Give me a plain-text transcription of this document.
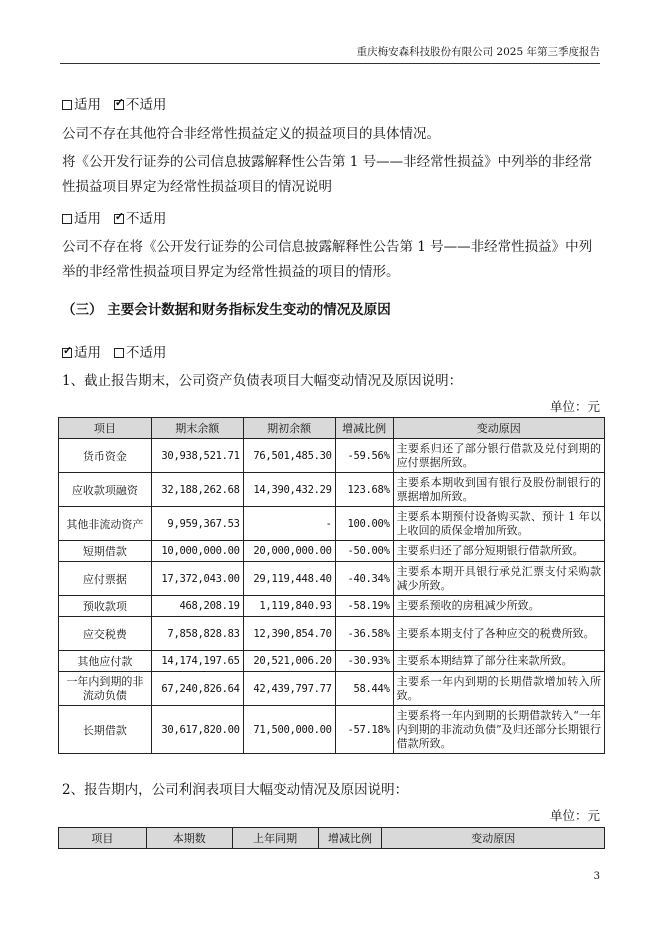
重庆梅安森科技股份有限公司 2025 年第三季度报告
适用 ✓ 不适用
公司不存在其他符合非经常性损益定义的损益项目的具体情况。
将《公开发行证券的公司信息披露解释性公告第 1 号——非经常性损益》中列举的非经常
性损益项目界定为经常性损益项目的情况说明
适用 ✓ 不适用
公司不存在将《公开发行证券的公司信息披露解释性公告第 1 号——非经常性损益》中列
举的非经常性损益项目界定为经常性损益的项目的情形。
（三） 主要会计数据和财务指标发生变动的情况及原因
✓适用 不适用
1、截止报告期末，公司资产负债表项目大幅变动情况及原因说明：
单位：元
项目	期末余额	期初余额	增减比例	变动原因
货币资金	30,938,521.71	76,501,485.30	-59.56%	主要系归还了部分银行借款及兑付到期的应付票据所致。
应收款项融资	32,188,262.68	14,390,432.29	123.68%	主要系本期收到国有银行及股份制银行的票据增加所致。
其他非流动资产	9,959,367.53	-	100.00%	主要系本期预付设备购买款、预计 1 年以上收回的质保金增加所致。
短期借款	10,000,000.00	20,000,000.00	-50.00%	主要系归还了部分短期银行借款所致。
应付票据	17,372,043.00	29,119,448.40	-40.34%	主要系本期开具银行承兑汇票支付采购款减少所致。
预收款项	468,208.19	1,119,840.93	-58.19%	主要系预收的房租减少所致。
应交税费	7,858,828.83	12,390,854.70	-36.58%	主要系本期支付了各种应交的税费所致。
其他应付款	14,174,197.65	20,521,006.20	-30.93%	主要系本期结算了部分往来款所致。
一年内到期的非流动负债	67,240,826.64	42,439,797.77	58.44%	主要系一年内到期的长期借款增加转入所致。
长期借款	30,617,820.00	71,500,000.00	-57.18%	主要系将一年内到期的长期借款转入“一年内到期的非流动负债”及归还部分长期银行借款所致。
2、报告期内，公司利润表项目大幅变动情况及原因说明：
单位：元
项目	本期数	上年同期	增减比例	变动原因
3
